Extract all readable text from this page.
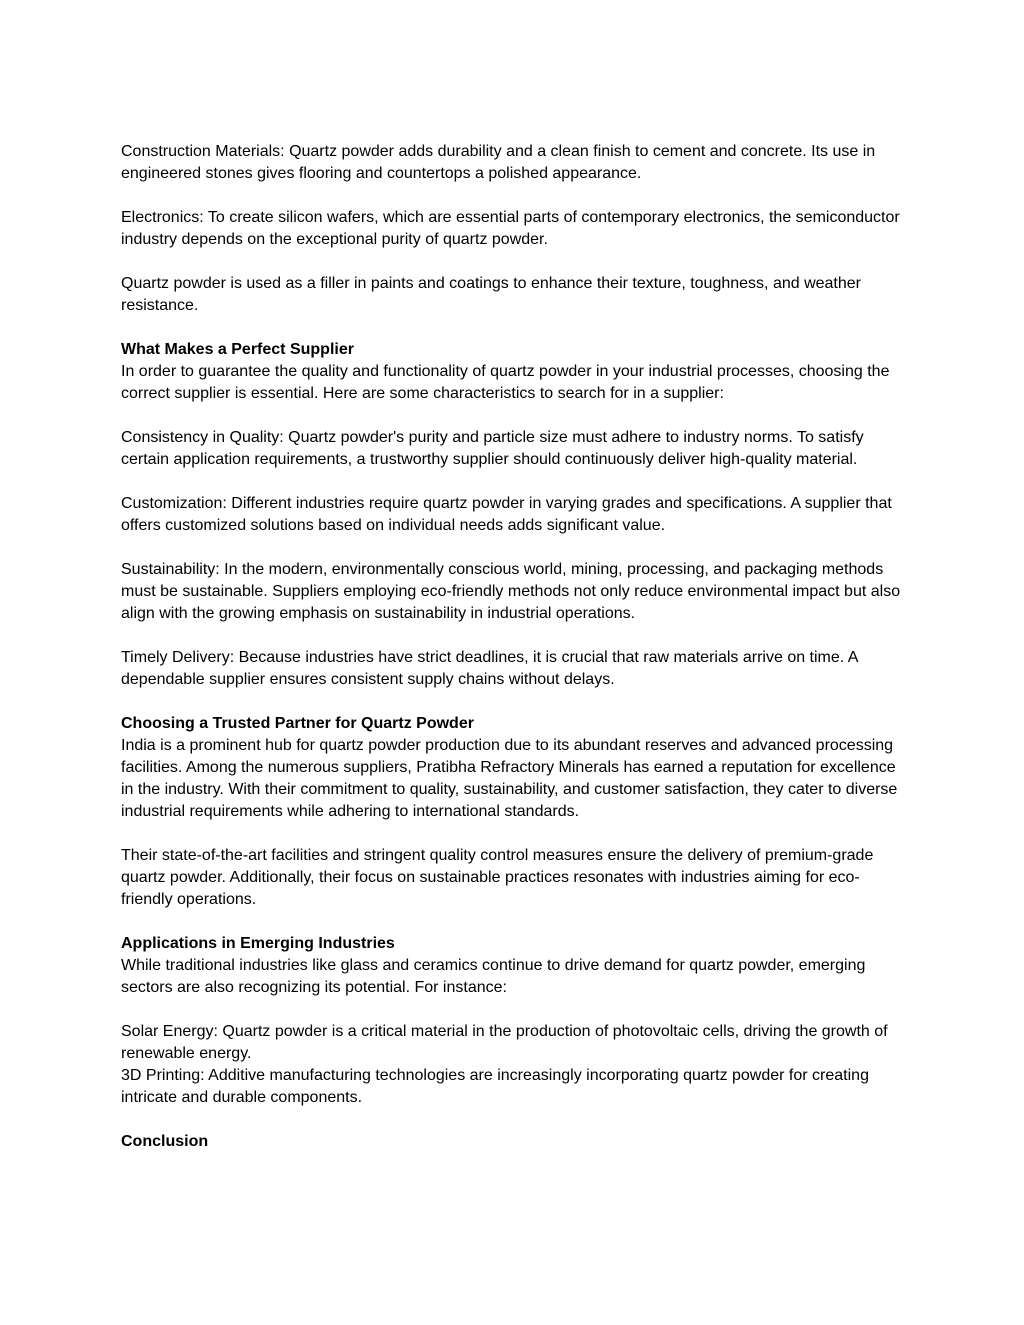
Construction Materials: Quartz powder adds durability and a clean finish to cement and concrete. Its use in engineered stones gives flooring and countertops a polished appearance.

Electronics: To create silicon wafers, which are essential parts of contemporary electronics, the semiconductor industry depends on the exceptional purity of quartz powder.

Quartz powder is used as a filler in paints and coatings to enhance their texture, toughness, and weather resistance.

What Makes a Perfect Supplier

In order to guarantee the quality and functionality of quartz powder in your industrial processes, choosing the correct supplier is essential. Here are some characteristics to search for in a supplier:

Consistency in Quality: Quartz powder's purity and particle size must adhere to industry norms. To satisfy certain application requirements, a trustworthy supplier should continuously deliver high-quality material.

Customization: Different industries require quartz powder in varying grades and specifications. A supplier that offers customized solutions based on individual needs adds significant value.

Sustainability: In the modern, environmentally conscious world, mining, processing, and packaging methods must be sustainable. Suppliers employing eco-friendly methods not only reduce environmental impact but also align with the growing emphasis on sustainability in industrial operations.

Timely Delivery: Because industries have strict deadlines, it is crucial that raw materials arrive on time. A dependable supplier ensures consistent supply chains without delays.

Choosing a Trusted Partner for Quartz Powder

India is a prominent hub for quartz powder production due to its abundant reserves and advanced processing facilities. Among the numerous suppliers, Pratibha Refractory Minerals has earned a reputation for excellence in the industry. With their commitment to quality, sustainability, and customer satisfaction, they cater to diverse industrial requirements while adhering to international standards.

Their state-of-the-art facilities and stringent quality control measures ensure the delivery of premium-grade quartz powder. Additionally, their focus on sustainable practices resonates with industries aiming for eco-friendly operations.

Applications in Emerging Industries

While traditional industries like glass and ceramics continue to drive demand for quartz powder, emerging sectors are also recognizing its potential. For instance:

Solar Energy: Quartz powder is a critical material in the production of photovoltaic cells, driving the growth of renewable energy.

3D Printing: Additive manufacturing technologies are increasingly incorporating quartz powder for creating intricate and durable components.

Conclusion
